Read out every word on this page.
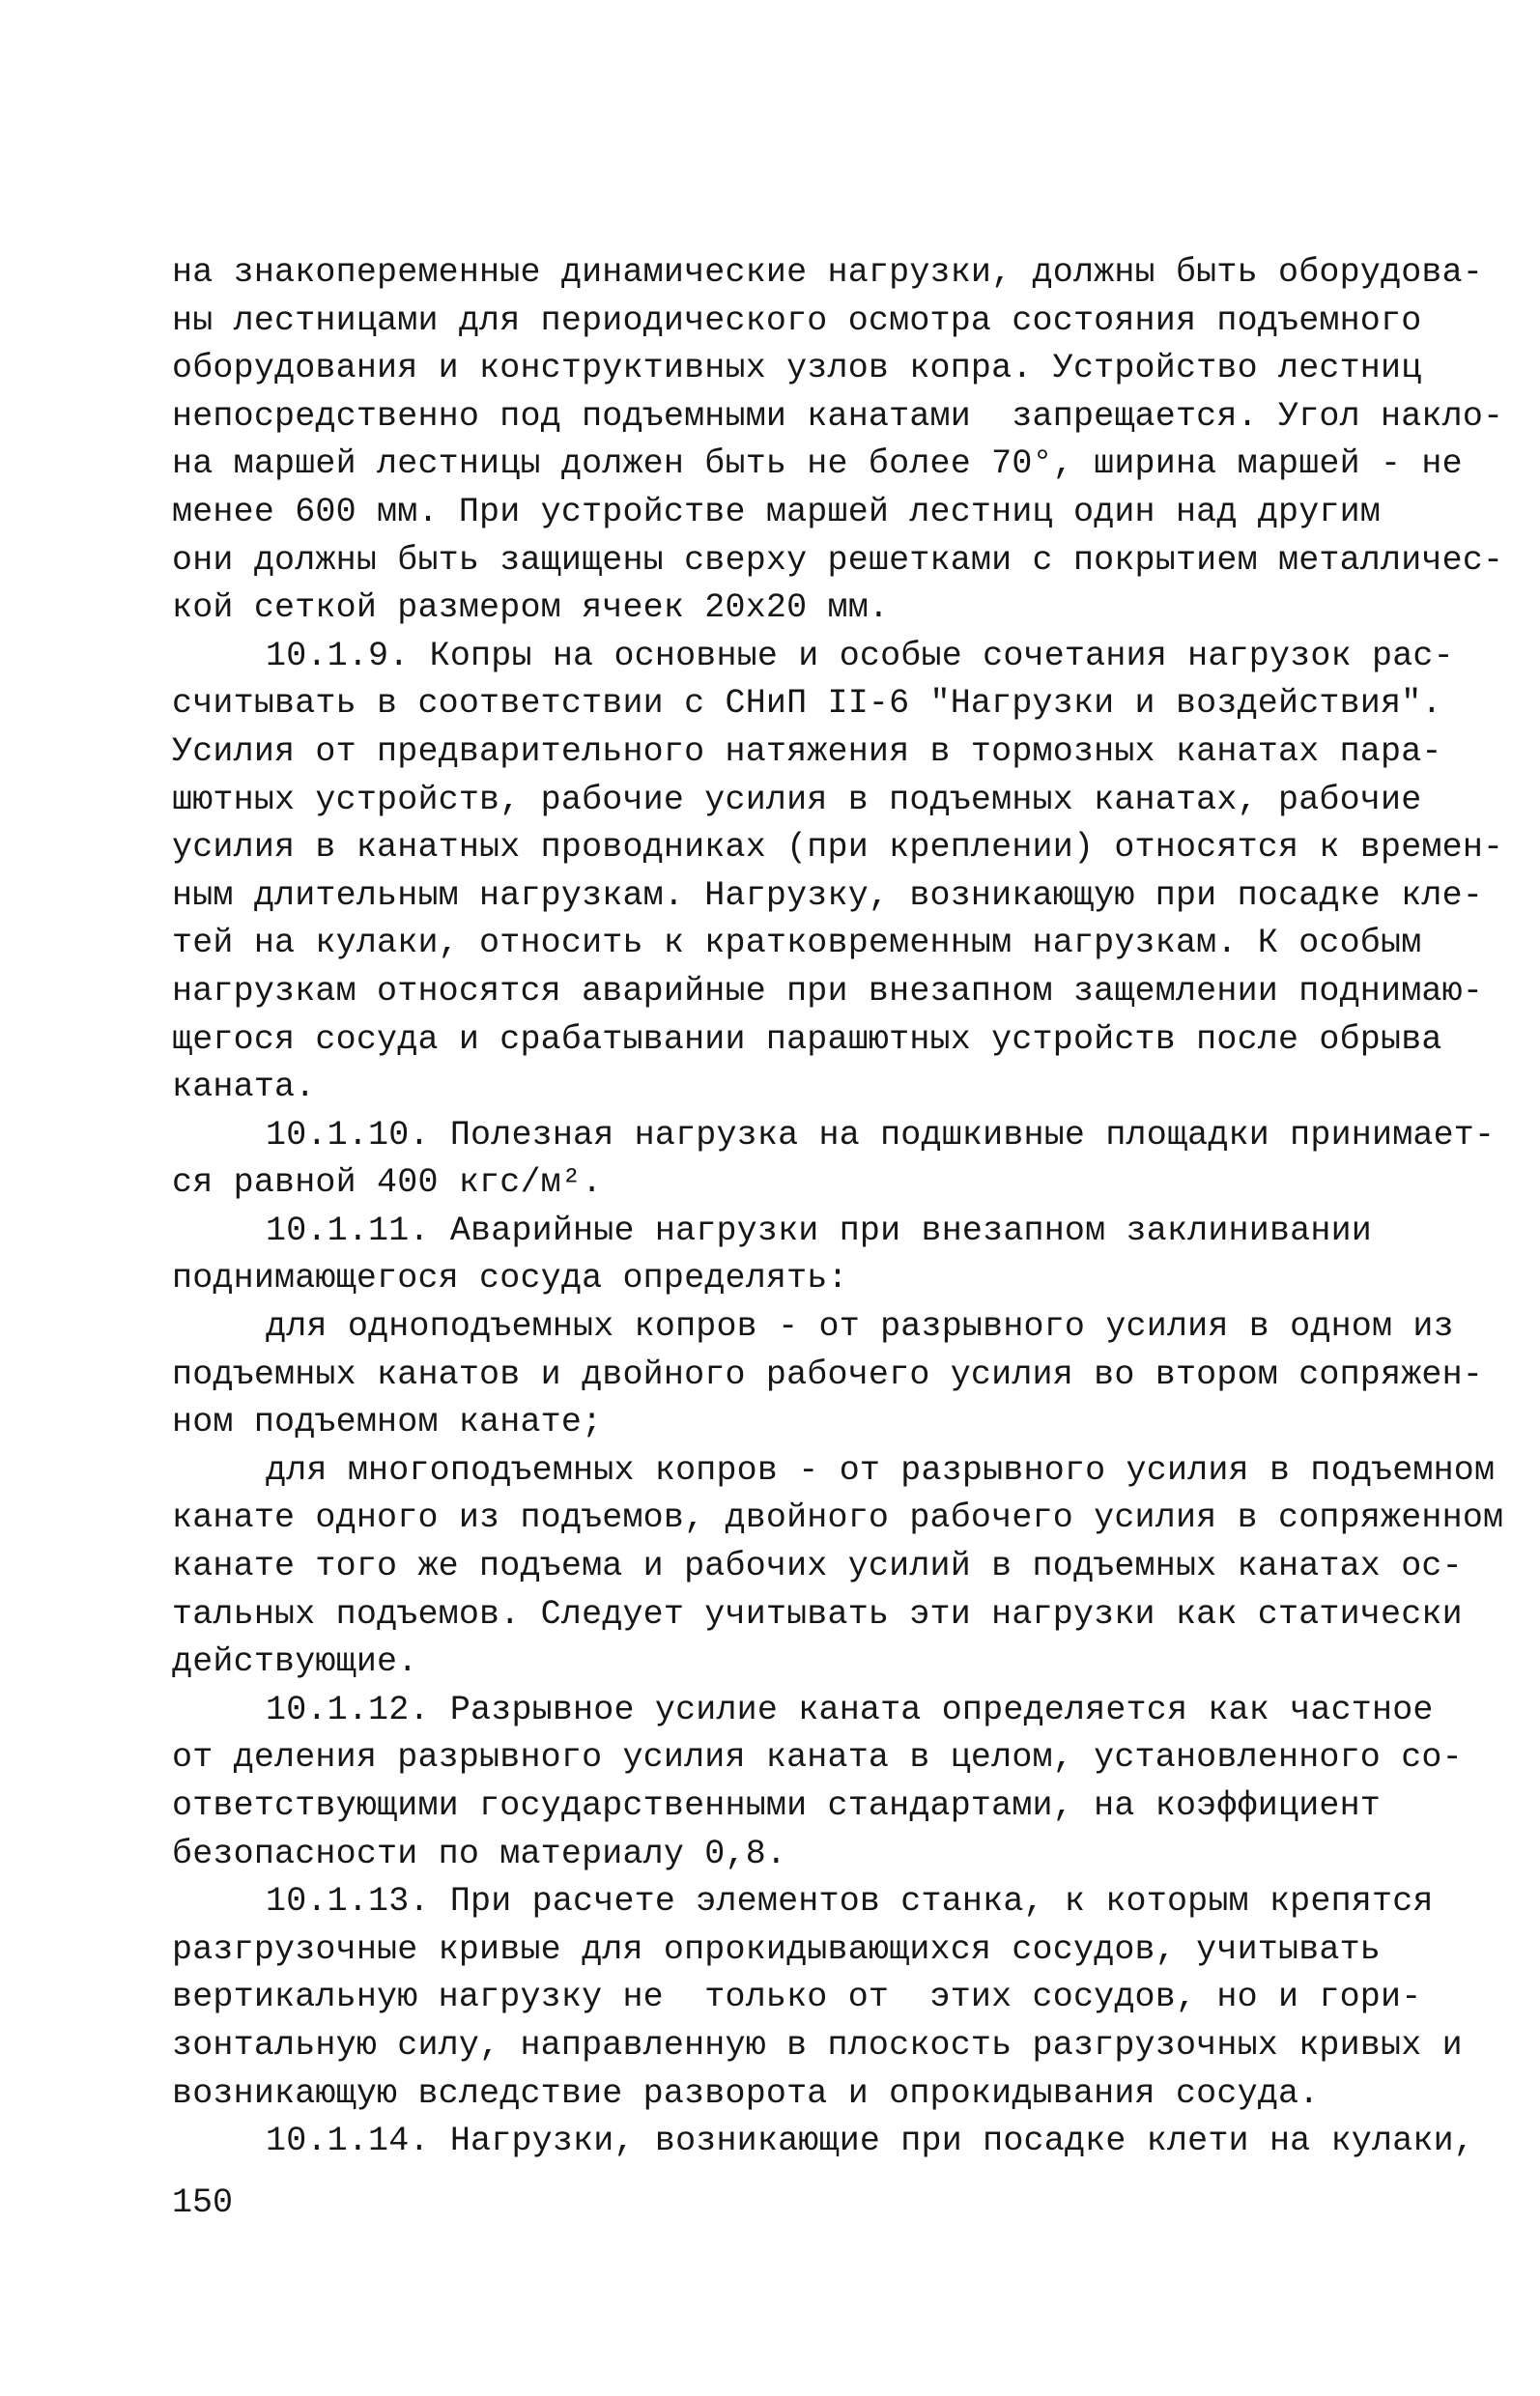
на знакопеременные динамические нагрузки, должны быть оборудова-
ны лестницами для периодического осмотра состояния подъемного
оборудования и конструктивных узлов копра. Устройство лестниц
непосредственно под подъемными канатами  запрещается. Угол накло-
на маршей лестницы должен быть не более 70°, ширина маршей - не
менее 600 мм. При устройстве маршей лестниц один над другим
они должны быть защищены сверху решетками с покрытием металличес-
кой сеткой размером ячеек 20х20 мм.
10.1.9. Копры на основные и особые сочетания нагрузок рас-
считывать в соответствии с СНиП II-6 "Нагрузки и воздействия".
Усилия от предварительного натяжения в тормозных канатах пара-
шютных устройств, рабочие усилия в подъемных канатах, рабочие
усилия в канатных проводниках (при креплении) относятся к времен-
ным длительным нагрузкам. Нагрузку, возникающую при посадке кле-
тей на кулаки, относить к кратковременным нагрузкам. К особым
нагрузкам относятся аварийные при внезапном защемлении поднимаю-
щегося сосуда и срабатывании парашютных устройств после обрыва
каната.
10.1.10. Полезная нагрузка на подшкивные площадки принимает-
ся равной 400 кгс/м².
10.1.11. Аварийные нагрузки при внезапном заклинивании
поднимающегося сосуда определять:
для одноподъемных копров - от разрывного усилия в одном из
подъемных канатов и двойного рабочего усилия во втором сопряжен-
ном подъемном канате;
для многоподъемных копров - от разрывного усилия в подъемном
канате одного из подъемов, двойного рабочего усилия в сопряженном
канате того же подъема и рабочих усилий в подъемных канатах ос-
тальных подъемов. Следует учитывать эти нагрузки как статически
действующие.
10.1.12. Разрывное усилие каната определяется как частное
от деления разрывного усилия каната в целом, установленного со-
ответствующими государственными стандартами, на коэффициент
безопасности по материалу 0,8.
10.1.13. При расчете элементов станка, к которым крепятся
разгрузочные кривые для опрокидывающихся сосудов, учитывать
вертикальную нагрузку не  только от  этих сосудов, но и гори-
зонтальную силу, направленную в плоскость разгрузочных кривых и
возникающую вследствие разворота и опрокидывания сосуда.
10.1.14. Нагрузки, возникающие при посадке клети на кулаки,
150
